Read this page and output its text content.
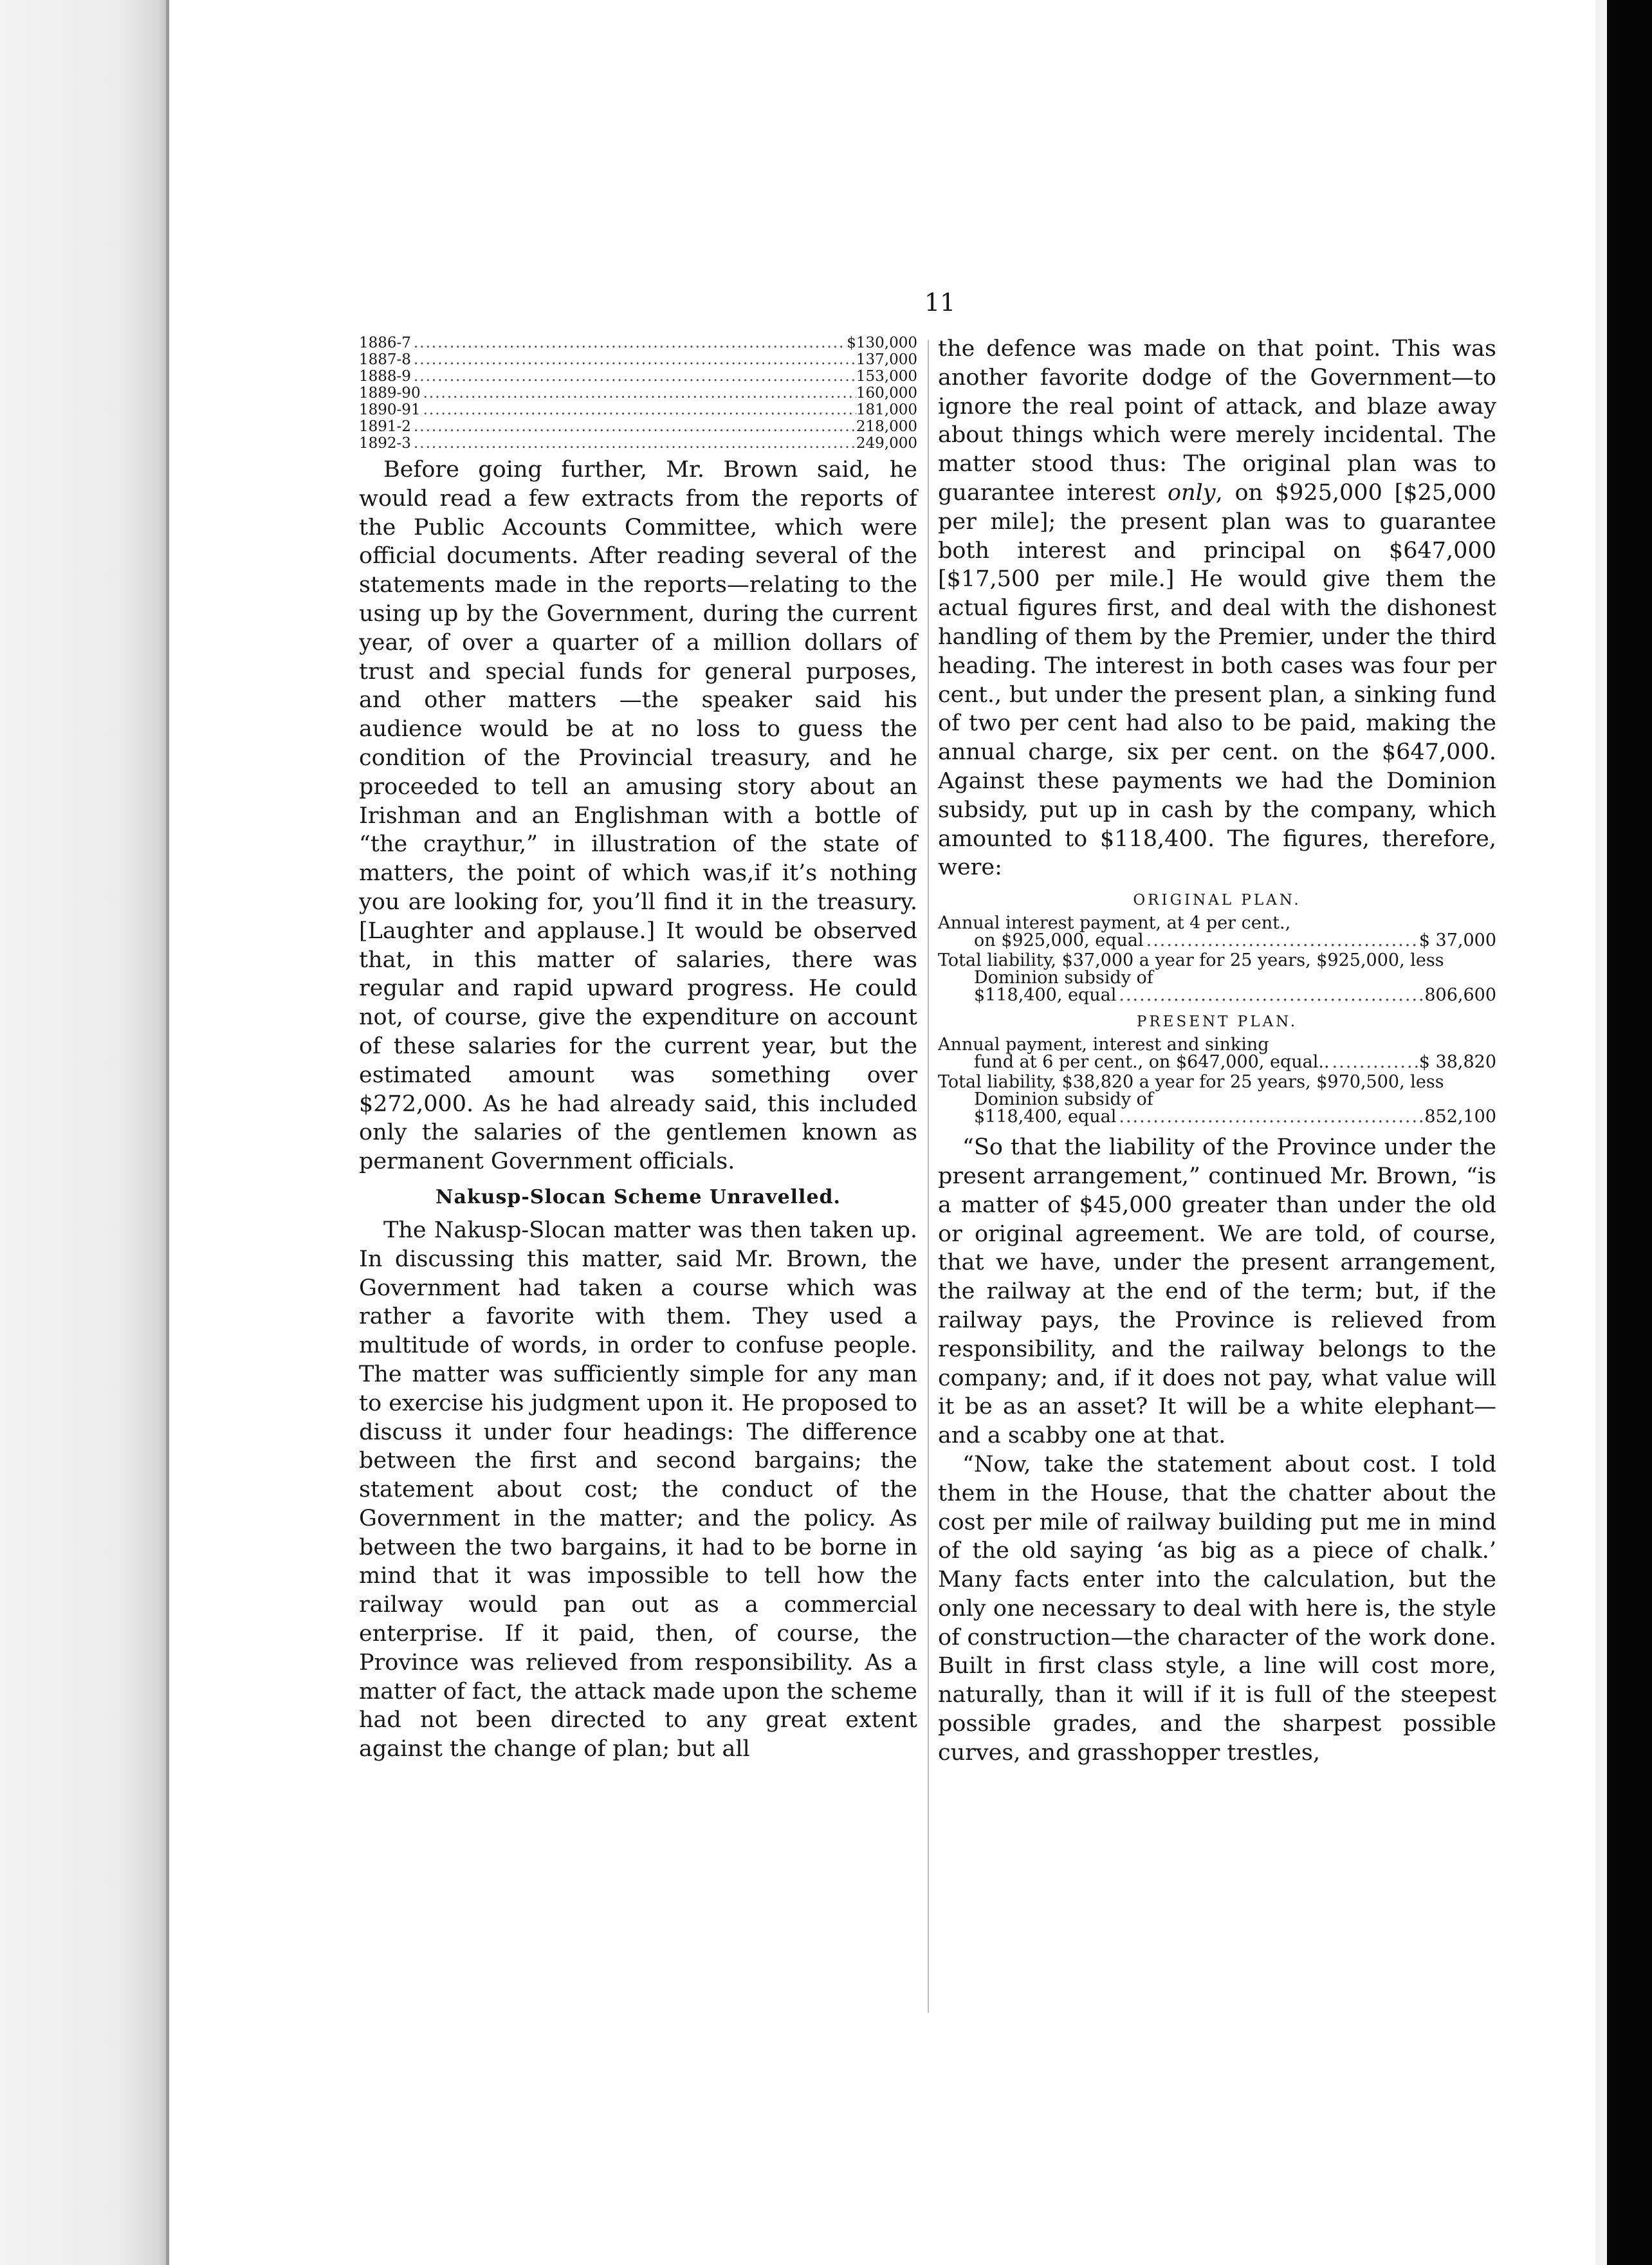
11
1886-7 .....	$130,000
1887-8 .....	137,000
1888-9 .....	153,000
1889-90 .....	160,000
1890-91 .....	181,000
1891-2 .....	218,000
1892-3 .....	249,000

Before going further, Mr. Brown said, he would read a few extracts from the reports of the Public Accounts Committee, which were official documents. After reading several of the statements made in the reports—relating to the using up by the Government, during the current year, of over a quarter of a million dollars of trust and special funds for general purposes, and other matters —the speaker said his audience would be at no loss to guess the condition of the Provincial treasury, and he proceeded to tell an amusing story about an Irishman and an Englishman with a bottle of “the craythur,” in illustration of the state of matters, the point of which was,if it’s nothing you are looking for, you’ll find it in the treasury. [Laughter and applause.] It would be observed that, in this matter of salaries, there was regular and rapid upward progress. He could not, of course, give the expenditure on account of these salaries for the current year, but the estimated amount was something over $272,000. As he had already said, this included only the salaries of the gentlemen known as permanent Government officials.

Nakusp-Slocan Scheme Unravelled.

The Nakusp-Slocan matter was then taken up. In discussing this matter, said Mr. Brown, the Government had taken a course which was rather a favorite with them. They used a multitude of words, in order to confuse people. The matter was sufficiently simple for any man to exercise his judgment upon it. He proposed to discuss it under four headings: The difference between the first and second bargains; the statement about cost; the conduct of the Government in the matter; and the policy. As between the two bargains, it had to be borne in mind that it was impossible to tell how the railway would pan out as a commercial enterprise. If it paid, then, of course, the Province was relieved from responsibility. As a matter of fact, the attack made upon the scheme had not been directed to any great extent against the change of plan; but all

the defence was made on that point. This was another favorite dodge of the Government—to ignore the real point of attack, and blaze away about things which were merely incidental. The matter stood thus: The original plan was to guarantee interest only, on $925,000 [$25,000 per mile]; the present plan was to guarantee both interest and principal on $647,000 [$17,500 per mile.] He would give them the actual figures first, and deal with the dishonest handling of them by the Premier, under the third heading. The interest in both cases was four per cent., but under the present plan, a sinking fund of two per cent had also to be paid, making the annual charge, six per cent. on the $647,000. Against these payments we had the Dominion subsidy, put up in cash by the company, which amounted to $118,400. The figures, therefore, were:

ORIGINAL PLAN.
Annual interest payment, at 4 per cent.,
on $925,000, equal .....	$ 37,000
Total liability, $37,000 a year for 25 years, $925,000, less Dominion subsidy of
$118,400, equal .....	806,600
PRESENT PLAN.
Annual payment, interest and sinking
fund at 6 per cent., on $647,000, equal.. .....	$ 38,820
Total liability, $38,820 a year for 25 years, $970,500, less Dominion subsidy of
$118,400, equal .....	852,100

“So that the liability of the Province under the present arrangement,” continued Mr. Brown, “is a matter of $45,000 greater than under the old or original agreement. We are told, of course, that we have, under the present arrangement, the railway at the end of the term; but, if the railway pays, the Province is relieved from responsibility, and the railway belongs to the company; and, if it does not pay, what value will it be as an asset? It will be a white elephant—and a scabby one at that.

“Now, take the statement about cost. I told them in the House, that the chatter about the cost per mile of railway building put me in mind of the old saying ‘as big as a piece of chalk.’ Many facts enter into the calculation, but the only one necessary to deal with here is, the style of construction—the character of the work done. Built in first class style, a line will cost more, naturally, than it will if it is full of the steepest possible grades, and the sharpest possible curves, and grasshopper trestles,
